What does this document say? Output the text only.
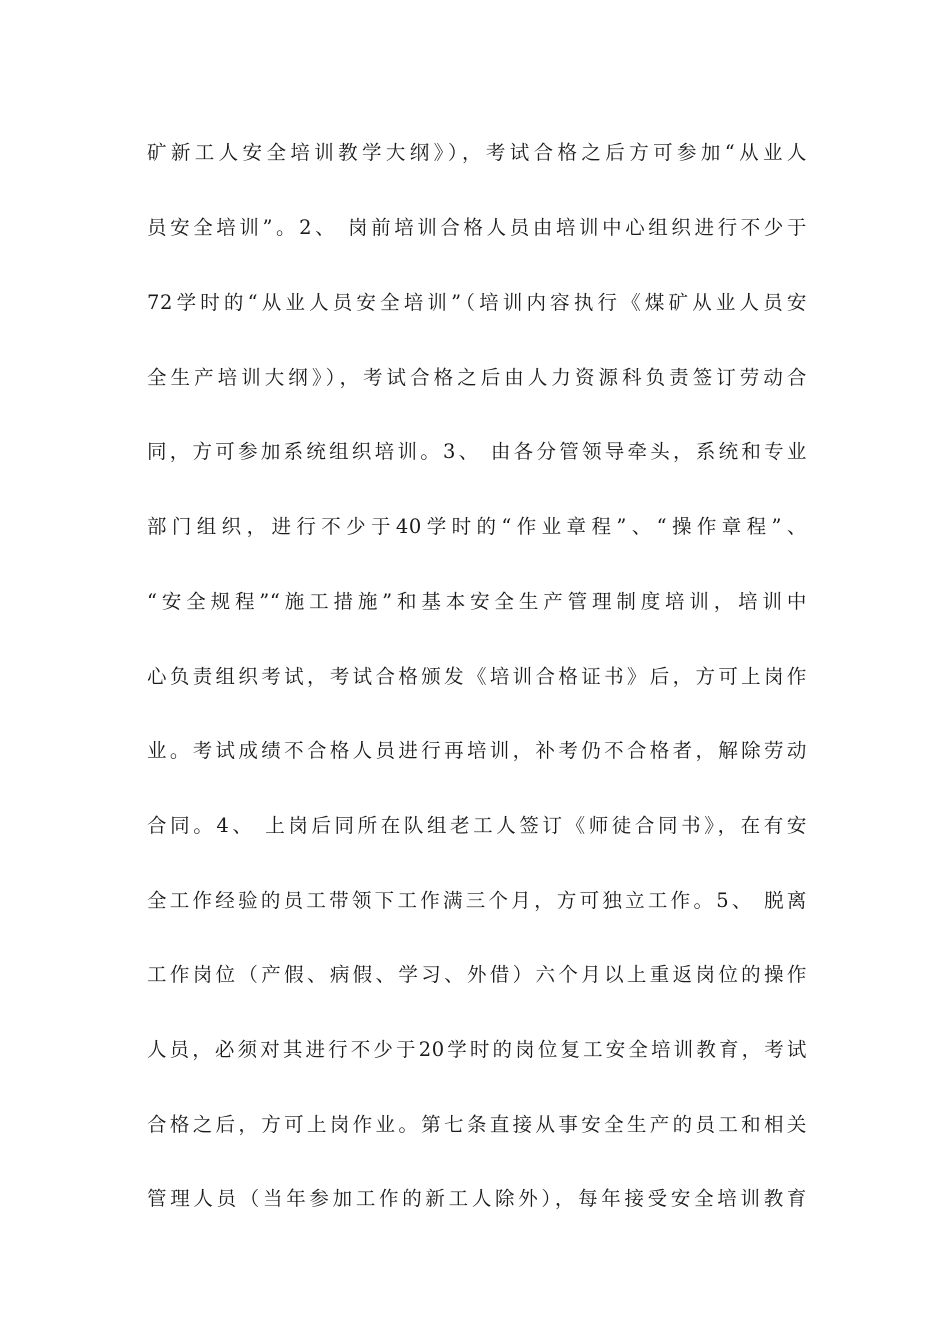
矿新工人安全培训教学大纲》），考试合格之后方可参加“从业人
员安全培训”。2、 岗前培训合格人员由培训中心组织进行不少于
72学时的“从业人员安全培训”（培训内容执行《煤矿从业人员安
全生产培训大纲》），考试合格之后由人力资源科负责签订劳动合
同，方可参加系统组织培训。3、 由各分管领导牵头，系统和专业
部门组织，进行不少于40学时的“作业章程”、“操作章程”、
“安全规程”“施工措施”和基本安全生产管理制度培训，培训中
心负责组织考试，考试合格颁发《培训合格证书》后，方可上岗作
业。考试成绩不合格人员进行再培训，补考仍不合格者，解除劳动
合同。4、 上岗后同所在队组老工人签订《师徒合同书》，在有安
全工作经验的员工带领下工作满三个月，方可独立工作。5、 脱离
工作岗位（产假、病假、学习、外借）六个月以上重返岗位的操作
人员，必须对其进行不少于20学时的岗位复工安全培训教育，考试
合格之后，方可上岗作业。第七条直接从事安全生产的员工和相关
管理人员（当年参加工作的新工人除外），每年接受安全培训教育
